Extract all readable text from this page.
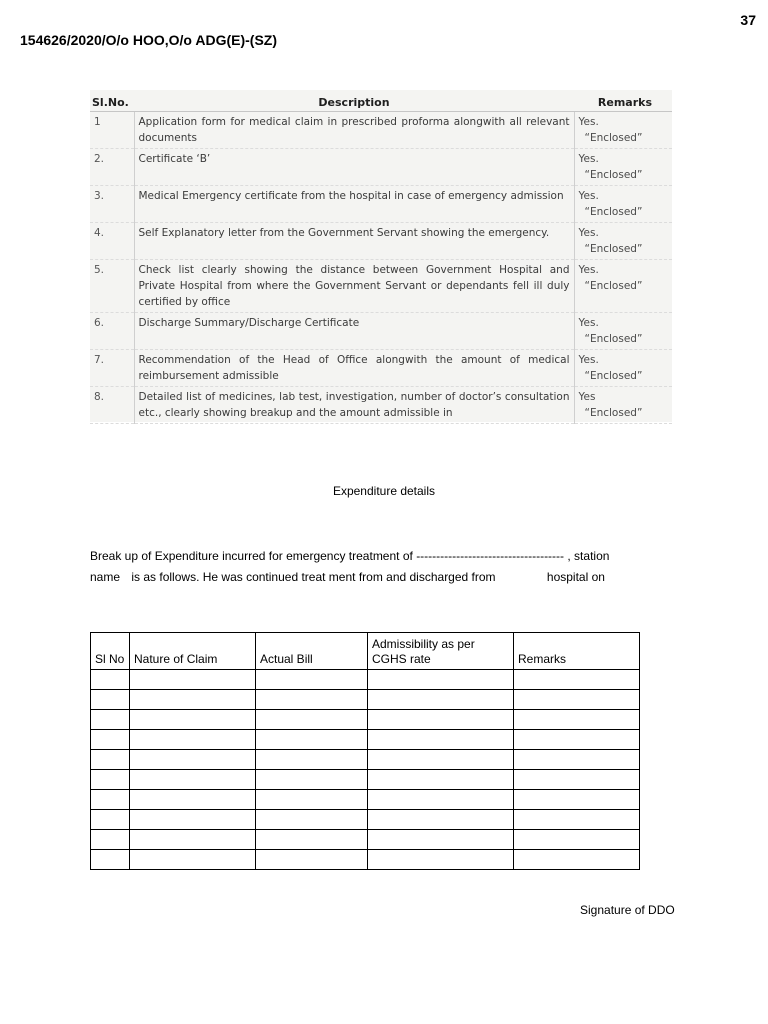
37
154626/2020/O/o HOO,O/o ADG(E)-(SZ)
Sl.No.	Description	Remarks
1	Application form for medical claim in prescribed proforma alongwith all relevant documents	Yes.
“Enclosed”

2.	Certificate ‘B’	Yes.
“Enclosed”

3.	Medical Emergency certificate from the hospital in case of emergency admission	Yes.
“Enclosed”

4.	Self Explanatory letter from the Government Servant showing the emergency.	Yes.
“Enclosed”

5.	Check list clearly showing the distance between Government Hospital and Private Hospital from where the Government Servant or dependants fell ill duly certified by office	Yes.
“Enclosed”

6.	Discharge Summary/Discharge Certificate	Yes.
“Enclosed”

7.	Recommendation of the Head of Office alongwith the amount of medical reimbursement admissible	Yes.
“Enclosed”

8.	Detailed list of medicines, lab test, investigation, number of doctor’s consultation etc., clearly showing breakup and the amount admissible in	Yes
“Enclosed”
Expenditure details
Break up of Expenditure incurred for emergency treatment of ------------------------------------- , station
name is as follows. He was continued treat ment from and discharged from	hospital on
Sl No	Nature of Claim	Actual Bill	Admissibility as per CGHS rate	Remarks

Signature of DDO
